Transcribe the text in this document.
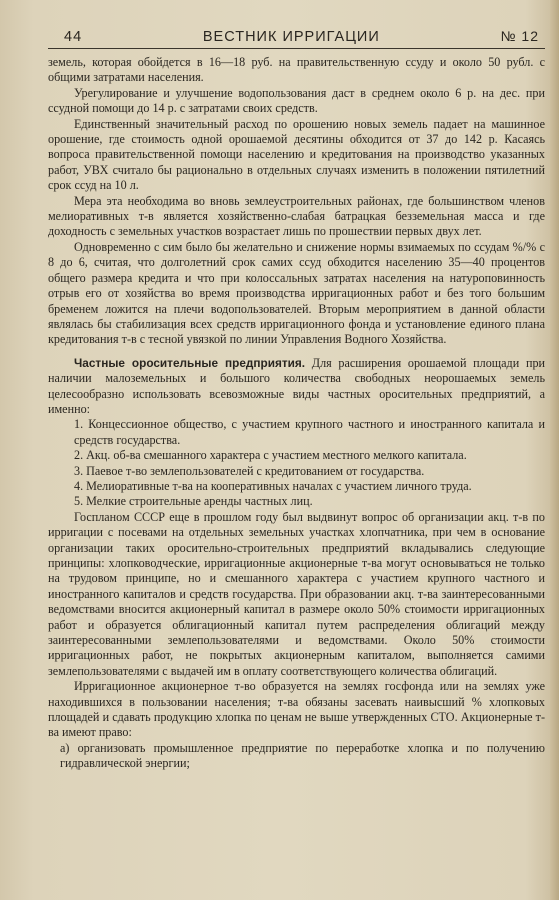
44	ВЕСТНИК ИРРИГАЦИИ	№ 12

земель, которая обойдется в 16—18 руб. на правительственную ссуду и около 50 рубл. с общими затратами населения.

Урегулирование и улучшение водопользования даст в среднем около 6 р. на дес. при ссудной помощи до 14 р. с затратами своих средств.

Единственный значительный расход по орошению новых земель падает на машинное орошение, где стоимость одной орошаемой десятины обходится от 37 до 142 р. Касаясь вопроса правительственной помощи населению и кредитования на производство указанных работ, УВХ считало бы рационально в отдельных случаях изменить в положении пятилетний срок ссуд на 10 л.

Мера эта необходима во вновь землеустроительных районах, где большинством членов мелиоративных т-в является хозяйственно-слабая батрацкая безземельная масса и где доходность с земельных участков возрастает лишь по прошествии первых двух лет.

Одновременно с сим было бы желательно и снижение нормы взимаемых по ссудам %/% с 8 до 6, считая, что долголетний срок самих ссуд обходится населению 35—40 процентов общего размера кредита и что при колоссальных затратах населения на натуроповинность отрыв его от хозяйства во время производства ирригационных работ и без того большим бременем ложится на плечи водопользователей. Вторым мероприятием в данной области являлась бы стабилизация всех средств ирригационного фонда и установление единого плана кредитования т-в с тесной увязкой по линии Управления Водного Хозяйства.

Частные оросительные предприятия. Для расширения орошаемой площади при наличии малоземельных и большого количества свободных неорошаемых земель целесообразно использовать всевозможные виды частных оросительных предприятий, а именно:

1. Концессионное общество, с участием крупного частного и иностранного капитала и средств государства.

2. Акц. об-ва смешанного характера с участием местного мелкого капитала.

3. Паевое т-во землепользователей с кредитованием от государства.

4. Мелиоративные т-ва на кооперативных началах с участием личного труда.

5. Мелкие строительные аренды частных лиц.

Госпланом СССР еще в прошлом году был выдвинут вопрос об организации акц. т-в по ирригации с посевами на отдельных земельных участках хлопчатника, при чем в основание организации таких оросительно-строительных предприятий вкладывались следующие принципы: хлопководческие, ирригационные акционерные т-ва могут основываться не только на трудовом принципе, но и смешанного характера с участием крупного частного и иностранного капиталов и средств государства. При образовании акц. т-ва заинтересованными ведомствами вносится акционерный капитал в размере около 50% стоимости ирригационных работ и образуется облигационный капитал путем распределения облигаций между заинтересованными землепользователями и ведомствами. Около 50% стоимости ирригационных работ, не покрытых акционерным капиталом, выполняется самими землепользователями с выдачей им в оплату соответствующего количества облигаций.

Ирригационное акционерное т-во образуется на землях госфонда или на землях уже находившихся в пользовании населения; т-ва обязаны засевать наивысший % хлопковых площадей и сдавать продукцию хлопка по ценам не выше утвержденных СТО. Акционерные т-ва имеют право:

а) организовать промышленное предприятие по переработке хлопка и по получению гидравлической энергии;
